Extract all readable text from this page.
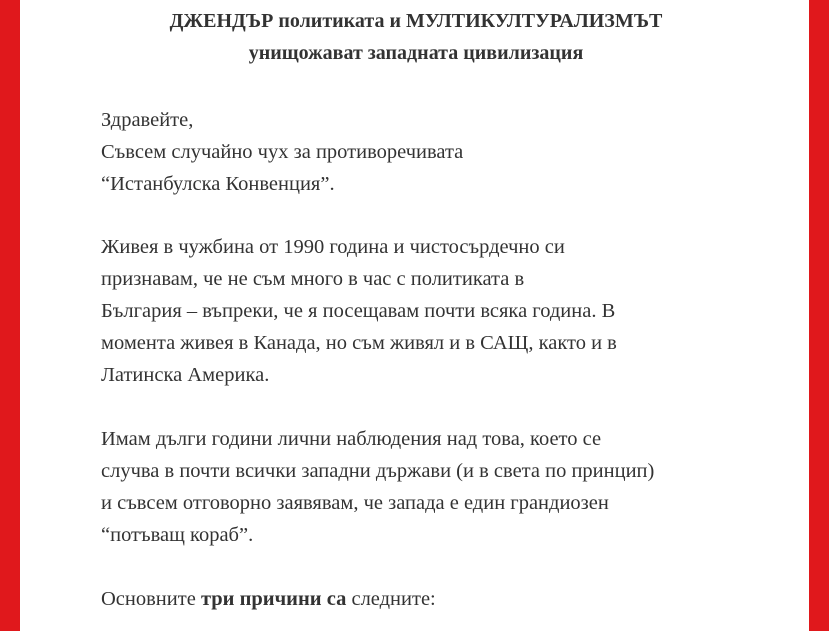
ДЖЕНДЪР политиката и МУЛТИКУЛТУРАЛИЗМЪТ
унищожават западната цивилизация
Здравейте,
Съвсем случайно чух за противоречивата
“Истанбулска Конвенция”.
Живея в чужбина от 1990 година и чистосърдечно си
признавам, че не съм много в час с политиката в
България – въпреки, че я посещавам почти всяка година. В
момента живея в Канада, но съм живял и в САЩ, както и в
Латинска Америка.
Имам дълги години лични наблюдения над това, което се
случва в почти всички западни държави (и в света по принцип)
и съвсем отговорно заявявам, че запада е един грандиозен
“потъващ кораб”.
Основните три причини са следните:
